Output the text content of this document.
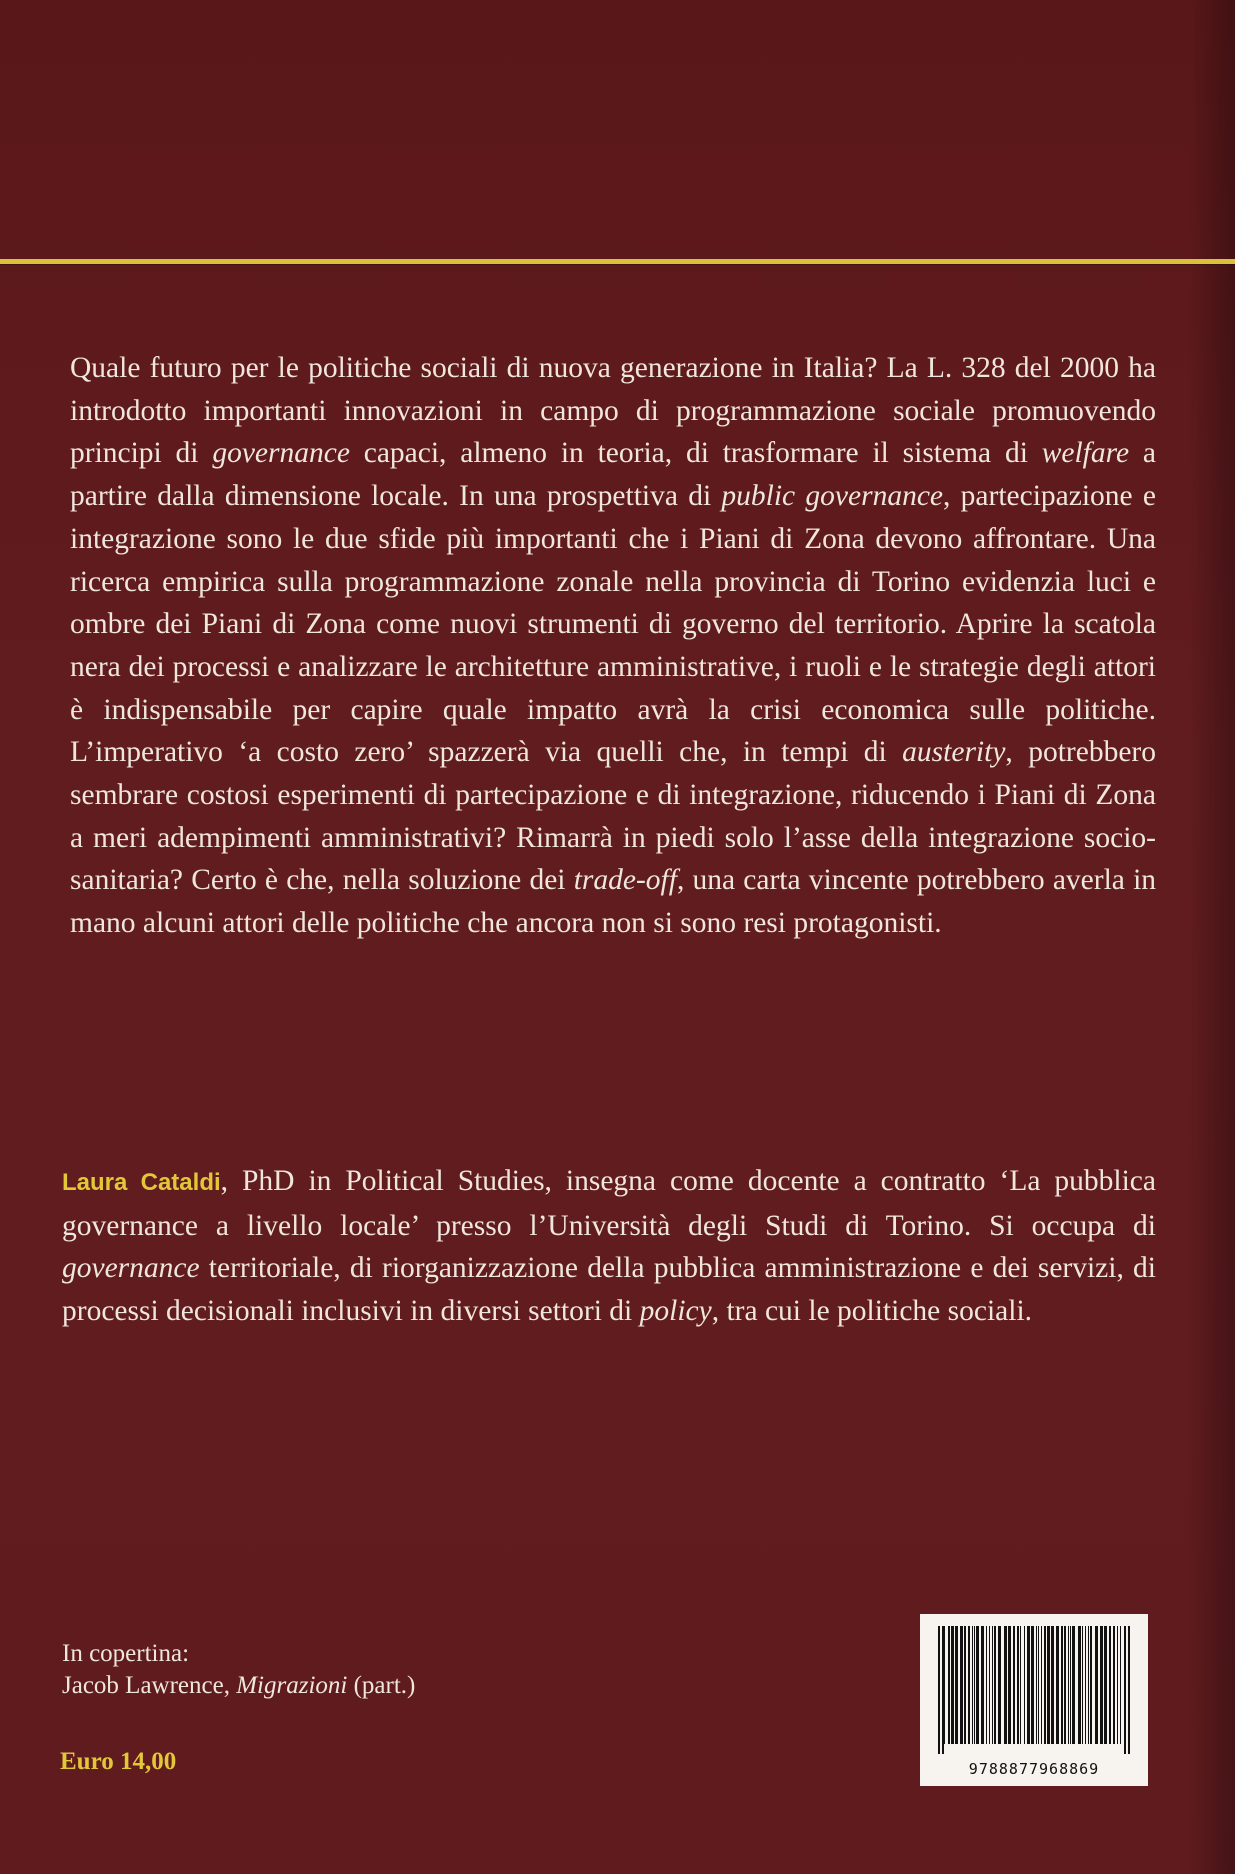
Quale futuro per le politiche sociali di nuova generazione in Italia? La L. 328 del 2000 ha introdotto importanti innovazioni in campo di programmazione sociale promuovendo principi di governance capaci, almeno in teoria, di trasformare il sistema di welfare a partire dalla dimensione locale. In una prospettiva di public governance, partecipazione e integrazione sono le due sfide più importanti che i Piani di Zona devono affrontare. Una ricerca empirica sulla programmazione zonale nella provincia di Torino evidenzia luci e ombre dei Piani di Zona come nuovi strumenti di governo del territorio. Aprire la scatola nera dei processi e analizzare le architetture amministrative, i ruoli e le strategie degli attori è indispensabile per capire quale impatto avrà la crisi economica sulle politiche. L’imperativo ‘a costo zero’ spazzerà via quelli che, in tempi di austerity, potrebbero sembrare costosi esperimenti di partecipazione e di integrazione, riducendo i Piani di Zona a meri adempimenti amministrativi? Rimarrà in piedi solo l’asse della integrazione socio-sanitaria? Certo è che, nella soluzione dei trade-off, una carta vincente potrebbero averla in mano alcuni attori delle politiche che ancora non si sono resi protagonisti.

Laura Cataldi, PhD in Political Studies, insegna come docente a contratto ‘La pubblica governance a livello locale’ presso l’Università degli Studi di Torino. Si occupa di governance territoriale, di riorganizzazione della pubblica amministrazione e dei servizi, di processi decisionali inclusivi in diversi settori di policy, tra cui le politiche sociali.

In copertina:
Jacob Lawrence, Migrazioni (part.)
Euro 14,00	9788877968869
